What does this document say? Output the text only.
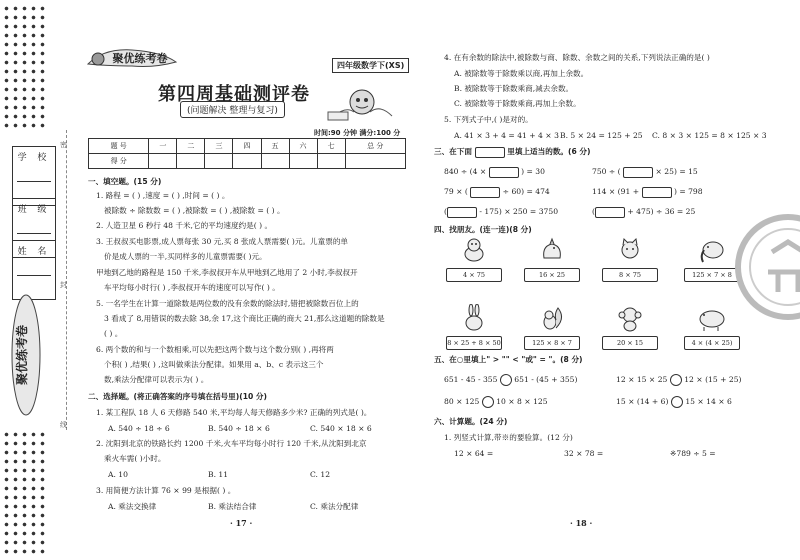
学 校
班 级
姓 名
聚优练考卷
密
封
线
聚优练考卷
四年级数学下(XS)
第四周基础测评卷
(问题解决 整理与复习)
时间:90 分钟 满分:100 分
题 号	一	二	三	四	五	六	七	总 分
得 分								
一、填空题。(15 分)
1. 路程 = ( ) ,速度 = ( ) ,时间 = ( ) 。
被除数 ÷ 除数数 = ( ) ,被除数 = ( ) ,被除数 = ( ) 。
2. 人造卫星 6 秒行 48 千米,它的平均速度约是( ) 。
3. 王叔叔买电影票,成人票每张 30 元,买 8 张成人票需要( )元。儿童票的单
价是成人票的一半,买同样多的儿童票需要( )元。
甲地到乙地的路程是 150 千米,李叔叔开车从甲地到乙地用了 2 小时,李叔叔开
车平均每小时行( ) ,李叔叔开车的速度可以写作( ) 。
5. 一名学生在计算一道除数是两位数的没有余数的除法时,错把被除数百位上的
3 看成了 8,用错误的数去除 38,余 17,这个商比正确的商大 21,那么这道题的除数是
( ) 。
6. 两个数的和与一个数相乘,可以先把这两个数与这个数分别( ) ,再将两
个积( ) ,结果( ) ,这叫做乘法分配律。如果用 a、b、c 表示这三个
数,乘法分配律可以表示为( ) 。
二、选择题。(将正确答案的序号填在括号里)(10 分)
1. 某工程队 18 人 6 天修路 540 米,平均每人每天修路多少米? 正确的列式是( )。
A. 540 ÷ 18 ÷ 6	B. 540 ÷ 18 × 6	C. 540 × 18 × 6
2. 沈阳到北京的铁路长约 1200 千米,火车平均每小时行 120 千米,从沈阳到北京
乘火车需( )小时。
A. 10	B. 11	C. 12
3. 用简便方法计算 76 × 99 是根据( ) 。
A. 乘法交换律	B. 乘法结合律	C. 乘法分配律
· 17 ·
4. 在有余数的除法中,被除数与商、除数、余数之间的关系,下列说法正确的是( )
A. 被除数等于除数乘以商,再加上余数。
B. 被除数等于除数乘商,减去余数。
C. 被除数等于除数乘商,再加上余数。
5. 下列式子中,( )是对的。
A. 41 × 3 + 4 = 41 + 4 × 3 B. 5 × 24 = 125 + 25 C. 8 × 3 × 125 = 8 × 125 × 3
三、在下面	里填上适当的数。(6 分)
840 ÷ (4 ×	) = 30	750 ÷ (	× 25) = 15
79 × (	÷ 60) = 474	114 × (91 +	) = 798
(	- 175) × 250 = 3750	(	+ 475) ÷ 36 = 25
四、找朋友。(连一连)(8 分)
4 × 75	16 × 25	8 × 75	125 × 7 × 8
8 × 25 + 8 × 50	125 × 8 × 7	20 × 15	4 × (4 × 25)
五、在○里填上" > "" < "或" = "。(8 分)
651 - 45 - 355 651 - (45 + 355)	12 × 15 × 25 12 × (15 + 25)
80 × 125 10 × 8 × 125	15 × (14 + 6) 15 × 14 × 6
六、计算题。(24 分)
1. 列竖式计算,带※的要验算。(12 分)
12 × 64 =	32 × 78 =	※789 ÷ 5 =
· 18 ·
